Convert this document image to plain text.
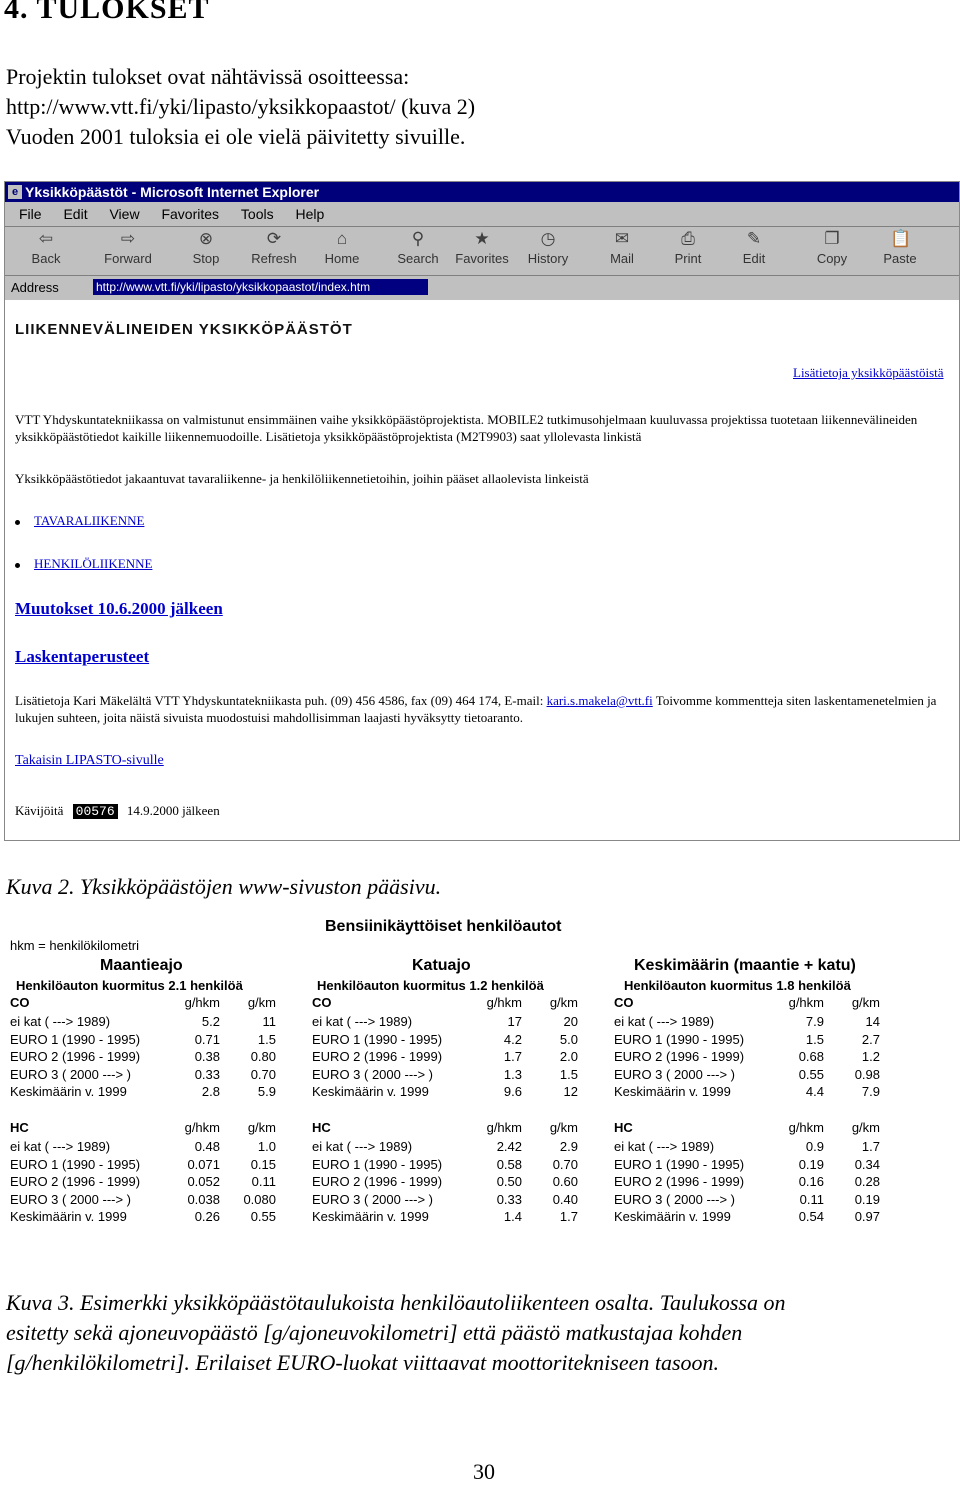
4. TULOKSET
Projektin tulokset ovat nähtävissä osoitteessa:
http://www.vtt.fi/yki/lipasto/yksikkopaastot/ (kuva 2)
Vuoden 2001 tuloksia ei ole vielä päivitetty sivuille.
e Yksikköpäästöt - Microsoft Internet Explorer
File Edit View Favorites Tools Help
⇦
Back
⇨
Forward
⊗
Stop
⟳
Refresh
⌂
Home
⚲
Search
★
Favorites
◷
History
✉
Mail
⎙
Print
✎
Edit
❐
Copy
📋
Paste
Address	http://www.vtt.fi/yki/lipasto/yksikkopaastot/index.htm
LIIKENNEVÄLINEIDEN YKSIKKÖPÄÄSTÖT
Lisätietoja yksikköpäästöistä
VTT Yhdyskuntatekniikassa on valmistunut ensimmäinen vaihe yksikköpäästöprojektista. MOBILE2 tutkimusohjelmaan kuuluvassa projektissa tuotetaan liikennevälineiden yksikköpäästötiedot kaikille liikennemuodoille. Lisätietoja yksikköpäästöprojektista (M2T9903) saat yllolevasta linkistä
Yksikköpäästötiedot jakaantuvat tavaraliikenne- ja henkilöliikennetietoihin, joihin pääset allaolevista linkeistä
TAVARALIIKENNE
HENKILÖLIIKENNE
Muutokset 10.6.2000 jälkeen
Laskentaperusteet
Lisätietoja Kari Mäkelältä VTT Yhdyskuntatekniikasta puh. (09) 456 4586, fax (09) 464 174, E-mail: kari.s.makela@vtt.fi Toivomme kommentteja siten laskentamenetelmien ja lukujen suhteen, joita näistä sivuista muodostuisi mahdollisimman laajasti hyväksytty tietoaranto.
Takaisin LIPASTO-sivulle
Kävijöitä 00576 14.9.2000 jälkeen
Kuva 2. Yksikköpäästöjen www-sivuston pääsivu.
Bensiinikäyttöiset henkilöautot
hkm = henkilökilometri
Maantieajo
Henkilöauton kuormitus 2.1 henkilöä
CO	g/hkm	g/km
ei kat ( ---> 1989)	5.2	11
EURO 1 (1990 - 1995)	0.71	1.5
EURO 2 (1996 - 1999)	0.38	0.80
EURO 3 ( 2000 ---> )	0.33	0.70
Keskimäärin v. 1999	2.8	5.9
HC	g/hkm	g/km
ei kat ( ---> 1989)	0.48	1.0
EURO 1 (1990 - 1995)	0.071	0.15
EURO 2 (1996 - 1999)	0.052	0.11
EURO 3 ( 2000 ---> )	0.038	0.080
Keskimäärin v. 1999	0.26	0.55
Katuajo
Henkilöauton kuormitus 1.2 henkilöä
CO	g/hkm	g/km
ei kat ( ---> 1989)	17	20
EURO 1 (1990 - 1995)	4.2	5.0
EURO 2 (1996 - 1999)	1.7	2.0
EURO 3 ( 2000 ---> )	1.3	1.5
Keskimäärin v. 1999	9.6	12
HC	g/hkm	g/km
ei kat ( ---> 1989)	2.42	2.9
EURO 1 (1990 - 1995)	0.58	0.70
EURO 2 (1996 - 1999)	0.50	0.60
EURO 3 ( 2000 ---> )	0.33	0.40
Keskimäärin v. 1999	1.4	1.7
Keskimäärin (maantie + katu)
Henkilöauton kuormitus 1.8 henkilöä
CO	g/hkm	g/km
ei kat ( ---> 1989)	7.9	14
EURO 1 (1990 - 1995)	1.5	2.7
EURO 2 (1996 - 1999)	0.68	1.2
EURO 3 ( 2000 ---> )	0.55	0.98
Keskimäärin v. 1999	4.4	7.9
HC	g/hkm	g/km
ei kat ( ---> 1989)	0.9	1.7
EURO 1 (1990 - 1995)	0.19	0.34
EURO 2 (1996 - 1999)	0.16	0.28
EURO 3 ( 2000 ---> )	0.11	0.19
Keskimäärin v. 1999	0.54	0.97
Kuva 3. Esimerkki yksikköpäästötaulukoista henkilöautoliikenteen osalta. Taulukossa on
esitetty sekä ajoneuvopäästö [g/ajoneuvokilometri] että päästö matkustajaa kohden
[g/henkilökilometri]. Erilaiset EURO-luokat viittaavat moottoritekniseen tasoon.
30
